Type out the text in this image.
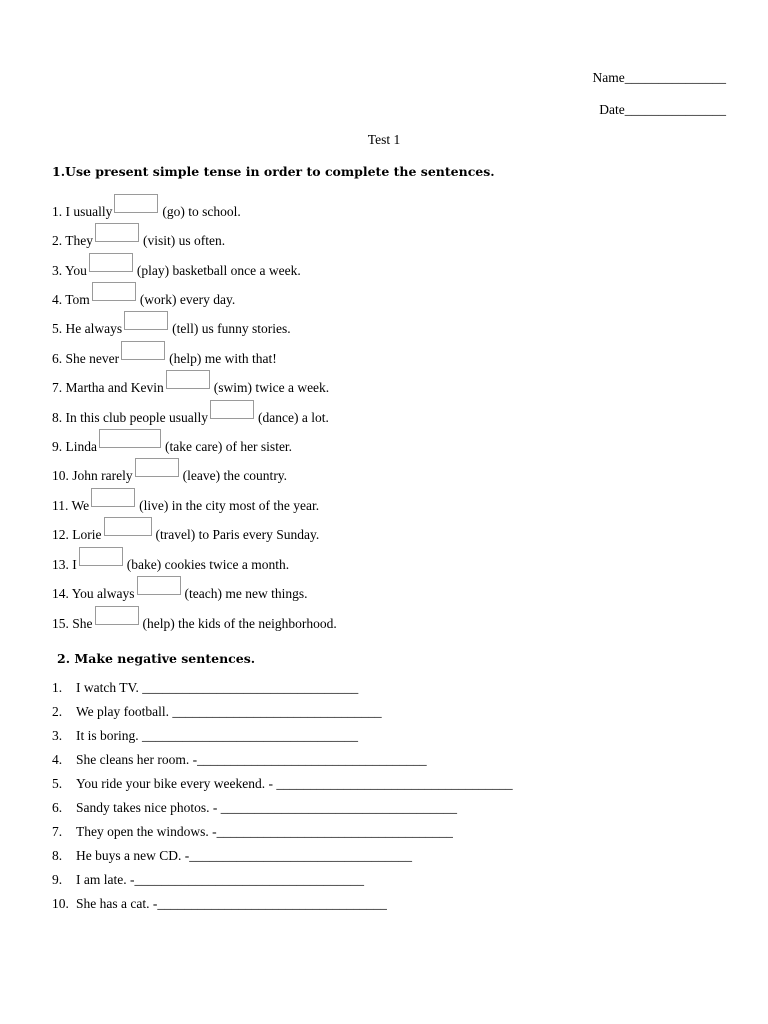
Name_______________
Date_______________
Test 1
1.Use present simple tense in order to complete the sentences.
1. I usually	(go) to school.
2. They	(visit) us often.
3. You	(play) basketball once a week.
4. Tom	(work) every day.
5. He always	(tell) us funny stories.
6. She never	(help) me with that!
7. Martha and Kevin	(swim) twice a week.
8. In this club people usually	(dance) a lot.
9. Linda	(take care) of her sister.
10. John rarely	(leave) the country.
11. We	(live) in the city most of the year.
12. Lorie	(travel) to Paris every Sunday.
13. I	(bake) cookies twice a month.
14. You always	(teach) me new things.
15. She	(help) the kids of the neighborhood.
2. Make negative sentences.
1. I watch TV. ________________________________
2. We play football. _______________________________
3. It is boring. ________________________________
4. She cleans her room. -__________________________________
5. You ride your bike every weekend. - ___________________________________
6. Sandy takes nice photos. - ___________________________________
7. They open the windows. -___________________________________
8. He buys a new CD. -_________________________________
9. I am late. -__________________________________
10. She has a cat. -__________________________________
